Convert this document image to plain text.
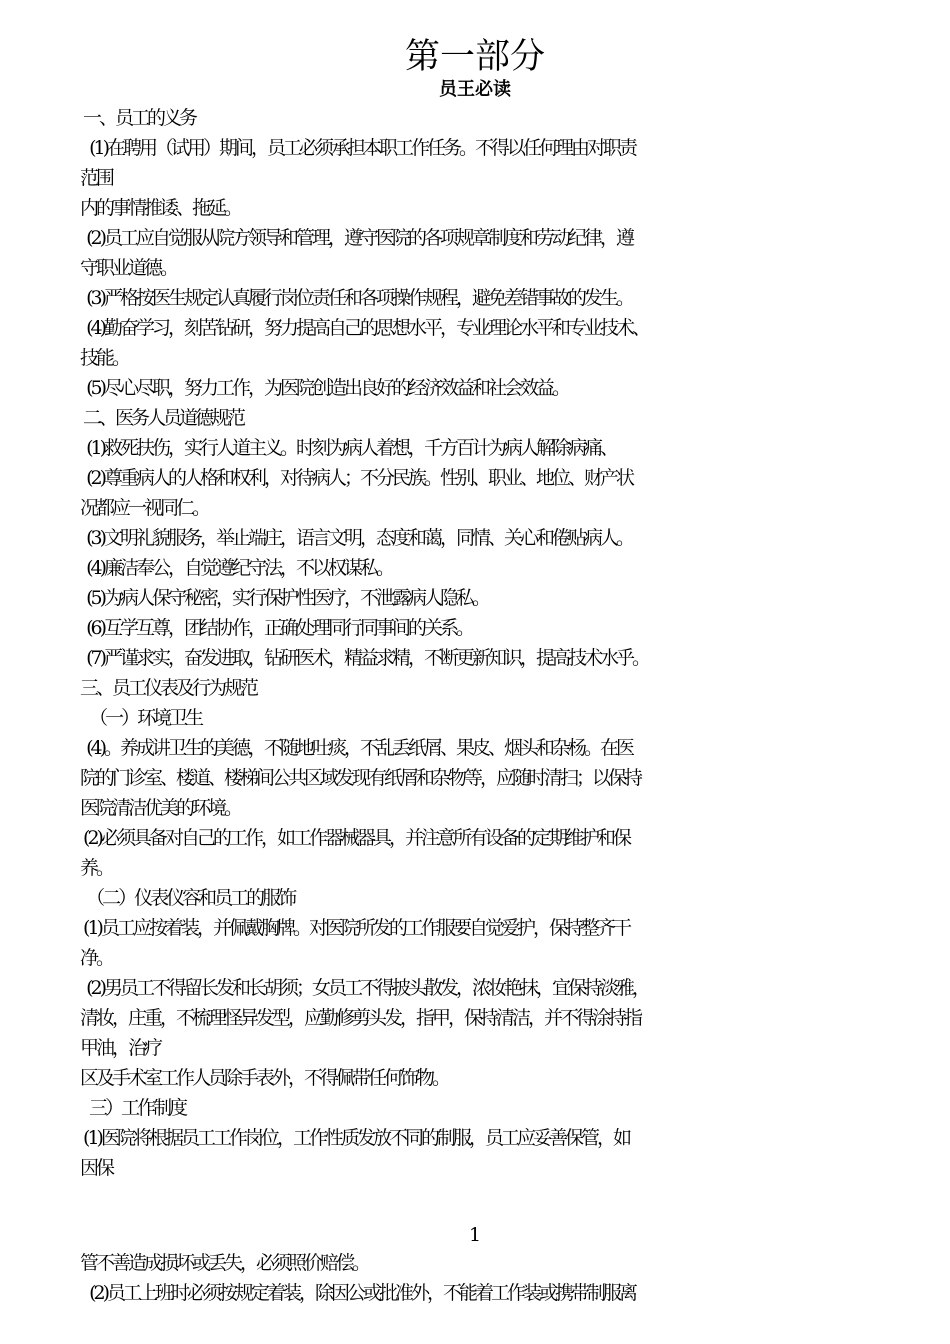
第一部分
员王必读
一、员工的义务
(1)在聘用（试用）期间，员工必须承担本职工作任务。不得以任何理由对职责
范围
内的事情推诿、拖延。
(2)员工应自觉服从院方领导和管理，遵守医院的各项规章制度和劳动纪律，遵
守职业道德。
(3)严格按医生规定认真履行岗位责任和各项操作规程，避免差错事故的发生。
(4)勤奋学习，刻苦钻研，努力提高自己的思想水平，专业理论水平和专业技术、
技能。
(5)尽心尽职，努力工作，为医院创造出良好的经济效益和社会效益。
二、医务人员道德规范
(1)救死扶伤，实行人道主义。时刻为病人着想，千方百计为病人解除病痛、
(2)尊重病人的人格和权利，对待病人；不分民族。性别、职业、地位、财产状
况都应一视同仁。
(3)文明礼貌服务，举止端庄，语言文明，态度和蔼，同情、关心和倦贴病人。
(4)廉洁奉公，自觉遵纪守法，不以权谋私。
(5)为病人保守秘密，实行保护性医疗，不泄露病人隐私。
(6)互学互尊，团结协作，正确处理同行同事间的关系。
(7)严谨求实，奋发进取，钻研医术，精益求精，不断更新知识，提高技术水乎。
三、员工仪表及行为规范
（一）环境卫生
(4)。养成讲卫生的美德，不随地吐痰，不乱丢纸屑、果皮、烟头和杂杨。在医
院的门诊室、楼道、楼梯间公共区域发现有纸屑和杂物等，应随时清扫；以保持
医院清洁优美的环境。
(2)必须具备对自己的工作，如工作器械器具，并注意所有设备的定期维护和保
养。
（二）仪表仪容和员工的服饰
(1)员工应按着装，并佩戴胸牌。对医院所发的工作服要自觉爱护，保持整齐干
净。
(2)男员工不得留长发和长胡须；女员工不得披头散发，浓妆艳抹，宜保持淡雅，
清妆，庄重，不梳理怪异发型，应勤修剪头发，指甲，保持清洁，并不得涂持指
甲油，治疗
区及手术室工作人员除手表外，不得佩带任何饰物。
三）工作制度
(1)医院将根据员工工作岗位，工作性质发放不同的制服，员工应妥善保管，如
因保
1
管不善造成损坏或丢失，必须照价赔偿。
(2)员工上班时必须按规定着装，除因公或批准外，不能着工作装或携带制服离
